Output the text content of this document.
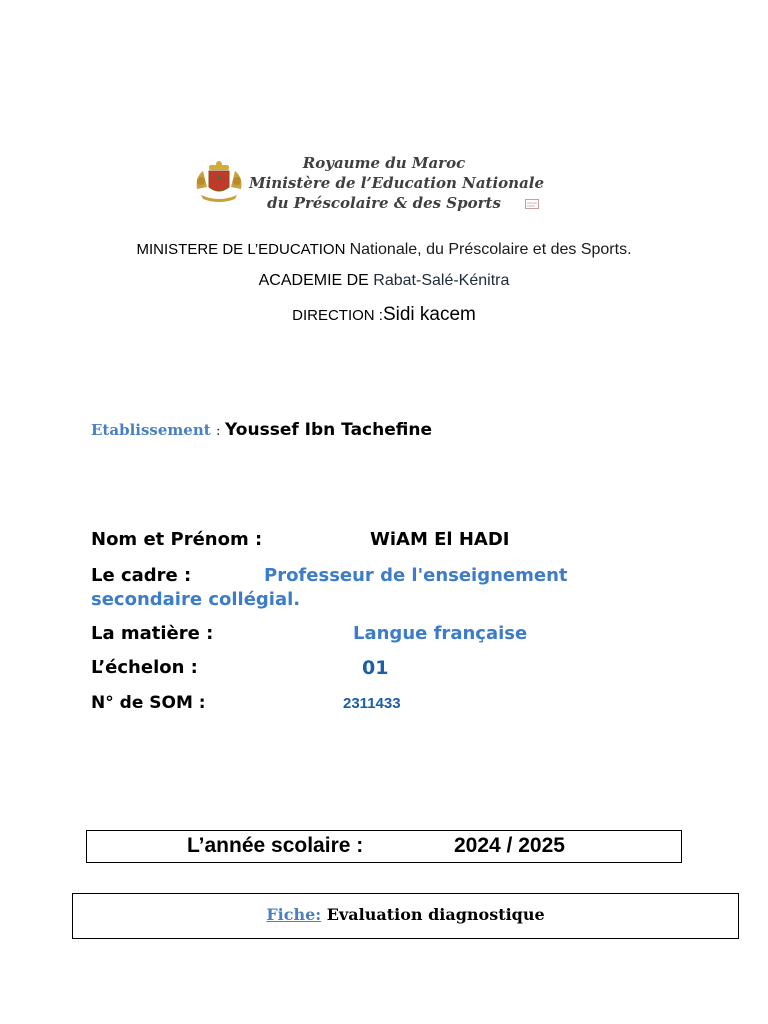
Royaume du Maroc
Ministère de l’Education Nationale
du Préscolaire & des Sports
MINISTERE DE L’EDUCATION Nationale, du Préscolaire et des Sports.
ACADEMIE DE Rabat-Salé-Kénitra
DIRECTION :Sidi kacem
Etablissement : Youssef Ibn Tachefine
Nom et Prénom :	WiAM El HADI
Le cadre :	Professeur de l'enseignement
secondaire collégial.
La matière :	Langue française
L’échelon :	01
N° de SOM :	2311433
L’année scolaire :	2024 / 2025
Fiche: Evaluation diagnostique
